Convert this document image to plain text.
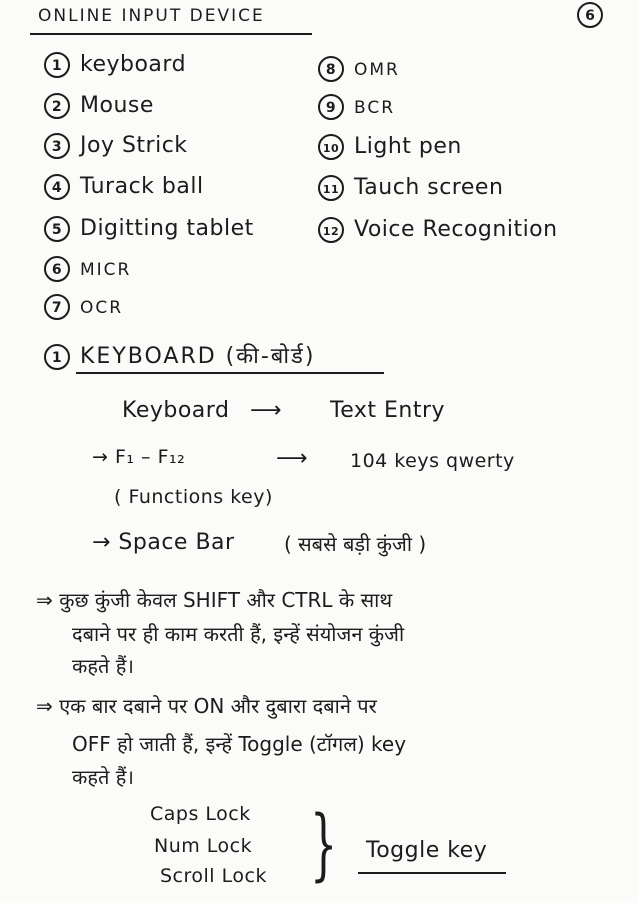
ONLINE INPUT DEVICE	6
1 keyboard
2 Mouse
3 Joy Strick
4 Turack ball
5 Digitting tablet
6 MICR
7 OCR
8 OMR
9 BCR
10 Light pen
11 Tauch screen
12 Voice Recognition
1 KEYBOARD (की-बोर्ड)
Keyboard ⟶ Text Entry
→ F₁ – F₁₂	⟶ 104 keys qwerty
( Functions key)
→ Space Bar ( सबसे बड़ी कुंजी )
⇒ कुछ कुंजी केवल SHIFT और CTRL के साथ
दबाने पर ही काम करती हैं, इन्हें संयोजन कुंजी
कहते हैं।
⇒ एक बार दबाने पर ON और दुबारा दबाने पर
OFF हो जाती हैं, इन्हें Toggle (टॉगल) key
कहते हैं।
Caps Lock
Num Lock
Scroll Lock } Toggle key
